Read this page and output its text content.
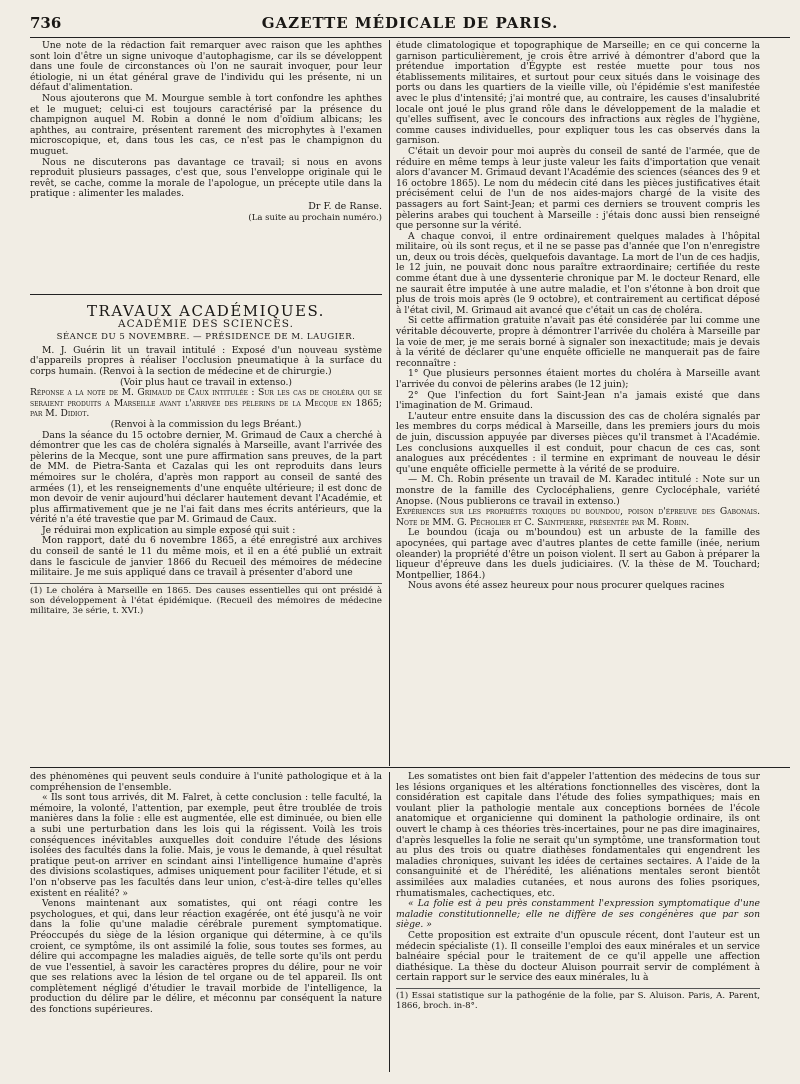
736	GAZETTE MÉDICALE DE PARIS.

Une note de la rédaction fait remarquer avec raison que les aphthes sont loin d'être un signe univoque d'autophagisme, car ils se développent dans une foule de circonstances où l'on ne saurait invoquer, pour leur étiologie, ni un état général grave de l'individu qui les présente, ni un défaut d'alimentation.

Nous ajouterons que M. Mourgue semble à tort confondre les aphthes et le muguet; celui-ci est toujours caractérisé par la présence du champignon auquel M. Robin a donné le nom d'oïdium albicans; les aphthes, au contraire, présentent rarement des microphytes à l'examen microscopique, et, dans tous les cas, ce n'est pas le champignon du muguet.

Nous ne discuterons pas davantage ce travail; si nous en avons reproduit plusieurs passages, c'est que, sous l'enveloppe originale qui le revêt, se cache, comme la morale de l'apologue, un précepte utile dans la pratique : alimenter les malades.

Dr F. de Ranse.
(La suite au prochain numéro.)
TRAVAUX ACADÉMIQUES.
ACADÉMIE DES SCIENCES.
SÉANCE DU 5 NOVEMBRE. — PRÉSIDENCE DE M. LAUGIER.

M. J. Guérin lit un travail intitulé : Exposé d'un nouveau système d'appareils propres à réaliser l'occlusion pneumatique à la surface du corps humain. (Renvoi à la section de médecine et de chirurgie.)

(Voir plus haut ce travail in extenso.)

Réponse a la note de M. Grimaud de Caux intitulée : Sur les cas de choléra qui se seraient produits a Marseille avant l'arrivée des pèlerins de la Mecque en 1865; par M. Didiot.

(Renvoi à la commission du legs Bréant.)

Dans la séance du 15 octobre dernier, M. Grimaud de Caux a cherché à démontrer que les cas de choléra signalés à Marseille, avant l'arrivée des pèlerins de la Mecque, sont une pure affirmation sans preuves, de la part de MM. de Pietra-Santa et Cazalas qui les ont reproduits dans leurs mémoires sur le choléra, d'après mon rapport au conseil de santé des armées (1), et les renseignements d'une enquête ultérieure; il est donc de mon devoir de venir aujourd'hui déclarer hautement devant l'Académie, et plus affirmativement que je ne l'ai fait dans mes écrits antérieurs, que la vérité n'a été travestie que par M. Grimaud de Caux.

Je réduirai mon explication au simple exposé qui suit :

Mon rapport, daté du 6 novembre 1865, a été enregistré aux archives du conseil de santé le 11 du même mois, et il en a été publié un extrait dans le fascicule de janvier 1866 du Recueil des mémoires de médecine militaire. Je me suis appliqué dans ce travail à présenter d'abord une

(1) Le choléra à Marseille en 1865. Des causes essentielles qui ont présidé à son développement à l'état épidémique. (Recueil des mémoires de médecine militaire, 3e série, t. XVI.)

étude climatologique et topographique de Marseille; en ce qui concerne la garnison particulièrement, je crois être arrivé à démontrer d'abord que la prétendue importation d'Égypte est restée muette pour tous nos établissements militaires, et surtout pour ceux situés dans le voisinage des ports ou dans les quartiers de la vieille ville, où l'épidémie s'est manifestée avec le plus d'intensité; j'ai montré que, au contraire, les causes d'insalubrité locale ont joué le plus grand rôle dans le développement de la maladie et qu'elles suffisent, avec le concours des infractions aux règles de l'hygiène, comme causes individuelles, pour expliquer tous les cas observés dans la garnison.

C'était un devoir pour moi auprès du conseil de santé de l'armée, que de réduire en même temps à leur juste valeur les faits d'importation que venait alors d'avancer M. Grimaud devant l'Académie des sciences (séances des 9 et 16 octobre 1865). Le nom du médecin cité dans les pièces justificatives était précisément celui de l'un de nos aides-majors chargé de la visite des passagers au fort Saint-Jean; et parmi ces derniers se trouvent compris les pèlerins arabes qui touchent à Marseille : j'étais donc aussi bien renseigné que personne sur la vérité.

A chaque convoi, il entre ordinairement quelques malades à l'hôpital militaire, où ils sont reçus, et il ne se passe pas d'année que l'on n'enregistre un, deux ou trois décès, quelquefois davantage. La mort de l'un de ces hadjis, le 12 juin, ne pouvait donc nous paraître extraordinaire; certifiée du reste comme étant due à une dyssenterie chronique par M. le docteur Renard, elle ne saurait être imputée à une autre maladie, et l'on s'étonne à bon droit que plus de trois mois après (le 9 octobre), et contrairement au certificat déposé à l'état civil, M. Grimaud ait avancé que c'était un cas de choléra.

Si cette affirmation gratuite n'avait pas été considérée par lui comme une véritable découverte, propre à démontrer l'arrivée du choléra à Marseille par la voie de mer, je me serais borné à signaler son inexactitude; mais je devais à la vérité de déclarer qu'une enquête officielle ne manquerait pas de faire reconnaître :

1° Que plusieurs personnes étaient mortes du choléra à Marseille avant l'arrivée du convoi de pèlerins arabes (le 12 juin);

2° Que l'infection du fort Saint-Jean n'a jamais existé que dans l'imagination de M. Grimaud.

L'auteur entre ensuite dans la discussion des cas de choléra signalés par les membres du corps médical à Marseille, dans les premiers jours du mois de juin, discussion appuyée par diverses pièces qu'il transmet à l'Académie. Les conclusions auxquelles il est conduit, pour chacun de ces cas, sont analogues aux précédentes : il termine en exprimant de nouveau le désir qu'une enquête officielle permette à la vérité de se produire.

— M. Ch. Robin présente un travail de M. Karadec intitulé : Note sur un monstre de la famille des Cyclocéphaliens, genre Cyclocéphale, variété Anopse. (Nous publierons ce travail in extenso.)

Expériences sur les propriétés toxiques du boundou, poison d'épreuve des Gabonais. Note de MM. G. Pécholier et C. Saintpierre, présentée par M. Robin.

Le boundou (icaja ou m'boundou) est un arbuste de la famille des apocynées, qui partage avec d'autres plantes de cette famille (inée, nerium oleander) la propriété d'être un poison violent. Il sert au Gabon à préparer la liqueur d'épreuve dans les duels judiciaires. (V. la thèse de M. Touchard; Montpellier, 1864.)

Nous avons été assez heureux pour nous procurer quelques racines

des phénomènes qui peuvent seuls conduire à l'unité pathologique et à la compréhension de l'ensemble.

« Ils sont tous arrivés, dit M. Falret, à cette conclusion : telle faculté, la mémoire, la volonté, l'attention, par exemple, peut être troublée de trois manières dans la folie : elle est augmentée, elle est diminuée, ou bien elle a subi une perturbation dans les lois qui la régissent. Voilà les trois conséquences inévitables auxquelles doit conduire l'étude des lésions isolées des facultés dans la folie. Mais, je vous le demande, à quel résultat pratique peut-on arriver en scindant ainsi l'intelligence humaine d'après des divisions scolastiques, admises uniquement pour faciliter l'étude, et si l'on n'observe pas les facultés dans leur union, c'est-à-dire telles qu'elles existent en réalité? »

Venons maintenant aux somatistes, qui ont réagi contre les psychologues, et qui, dans leur réaction exagérée, ont été jusqu'à ne voir dans la folie qu'une maladie cérébrale purement symptomatique. Préoccupés du siège de la lésion organique qui détermine, à ce qu'ils croient, ce symptôme, ils ont assimilé la folie, sous toutes ses formes, au délire qui accompagne les maladies aiguës, de telle sorte qu'ils ont perdu de vue l'essentiel, à savoir les caractères propres du délire, pour ne voir que ses relations avec la lésion de tel organe ou de tel appareil. Ils ont complètement négligé d'étudier le travail morbide de l'intelligence, la production du délire par le délire, et méconnu par conséquent la nature des fonctions supérieures.

Les somatistes ont bien fait d'appeler l'attention des médecins de tous sur les lésions organiques et les altérations fonctionnelles des viscères, dont la considération est capitale dans l'étude des folies sympathiques; mais en voulant plier la pathologie mentale aux conceptions bornées de l'école anatomique et organicienne qui dominent la pathologie ordinaire, ils ont ouvert le champ à ces théories très-incertaines, pour ne pas dire imaginaires, d'après lesquelles la folie ne serait qu'un symptôme, une transformation tout au plus des trois ou quatre diathèses fondamentales qui engendrent les maladies chroniques, suivant les idées de certaines sectaires. A l'aide de la consanguinité et de l'hérédité, les aliénations mentales seront bientôt assimilées aux maladies cutanées, et nous aurons des folies psoriques, rhumatismales, cachectiques, etc.

« La folie est à peu près constamment l'expression symptomatique d'une maladie constitutionnelle; elle ne diffère de ses congénères que par son siège. »

Cette proposition est extraite d'un opuscule récent, dont l'auteur est un médecin spécialiste (1). Il conseille l'emploi des eaux minérales et un service balnéaire spécial pour le traitement de ce qu'il appelle une affection diathésique. La thèse du docteur Aluison pourrait servir de complément à certain rapport sur le service des eaux minérales, lu à

(1) Essai statistique sur la pathogénie de la folie, par S. Aluison. Paris, A. Parent, 1866, broch. in-8°.
